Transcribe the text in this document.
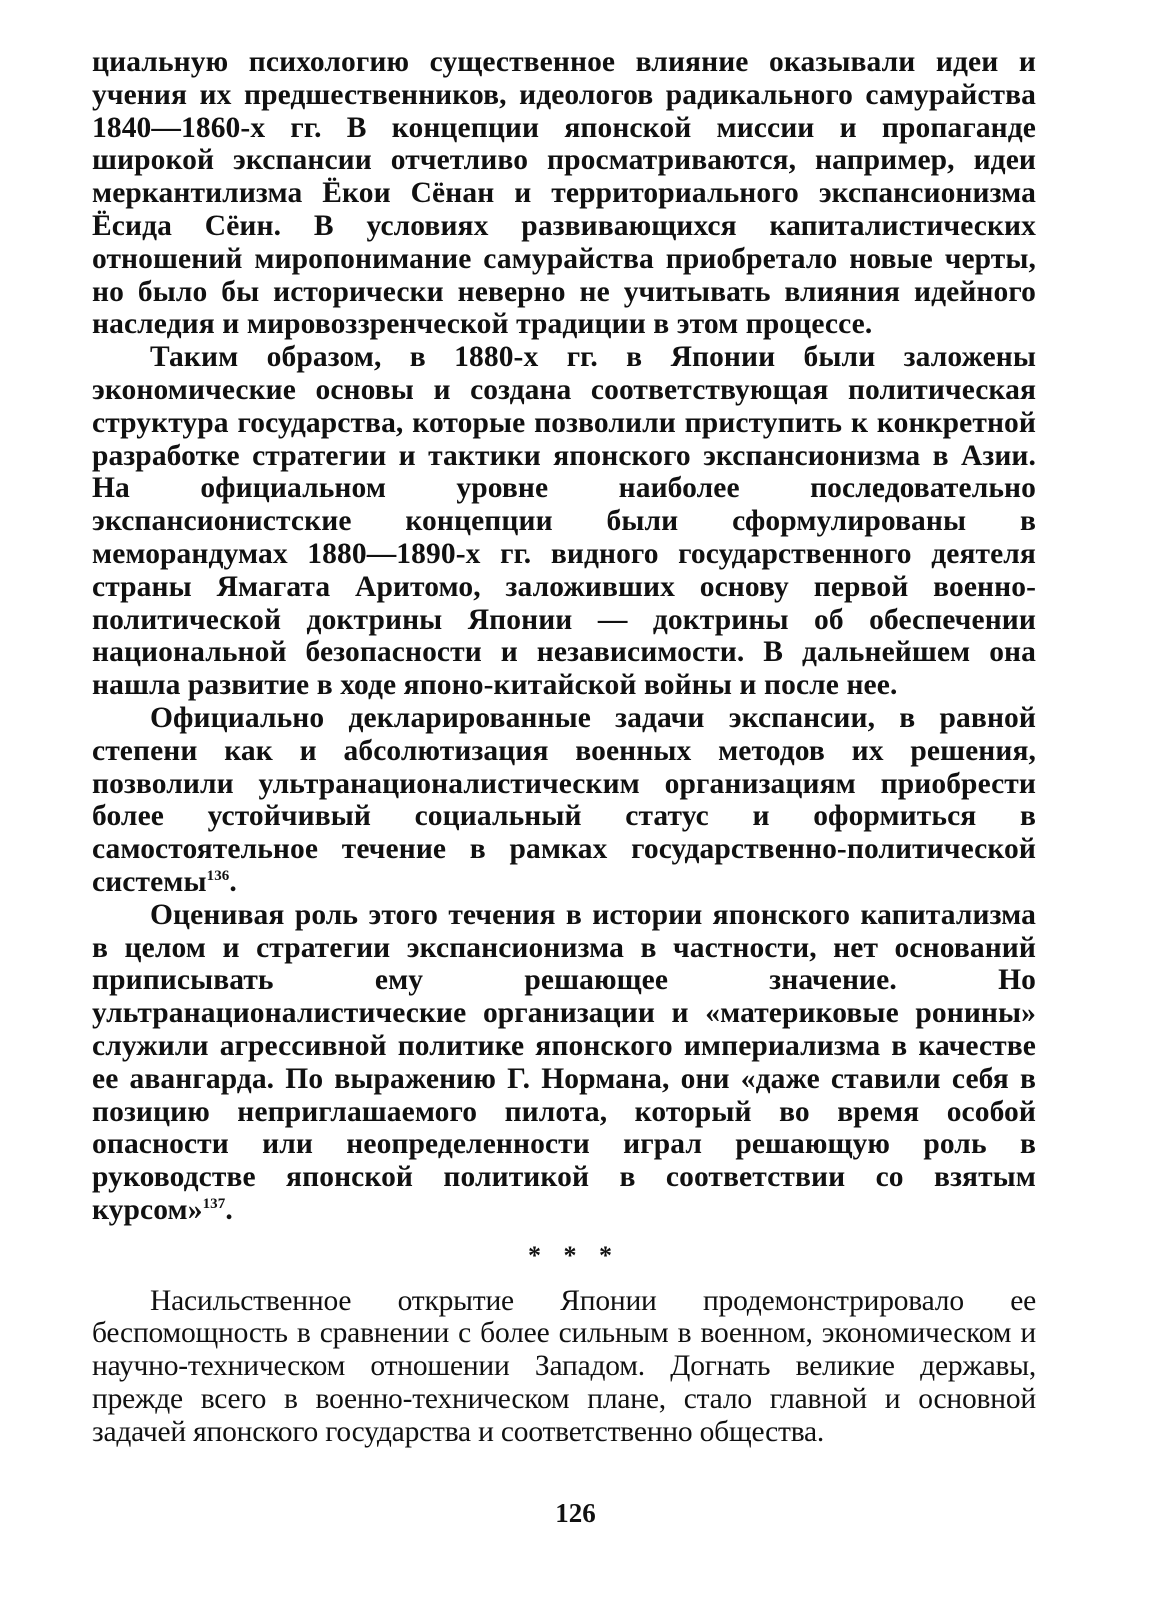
циальную психологию существенное влияние оказывали идеи и учения их предшественников, идеологов радикального самурайства 1840—1860-х гг. В концепции японской миссии и пропаганде широкой экспансии отчетливо просматриваются, например, идеи меркантилизма Ёкои Сёнан и территориального экспансионизма Ёсида Сёин. В условиях развивающихся капиталистических отношений миропонимание самурайства приобретало новые черты, но было бы исторически неверно не учитывать влияния идейного наследия и мировоззренческой традиции в этом процессе.

Таким образом, в 1880-х гг. в Японии были заложены экономические основы и создана соответствующая политическая структура государства, которые позволили приступить к конкретной разработке стратегии и тактики японского экспансионизма в Азии. На официальном уровне наиболее последовательно экспансионистские концепции были сформулированы в меморандумах 1880—1890-х гг. видного государственного деятеля страны Ямагата Аритомо, заложивших основу первой военно-политической доктрины Японии — доктрины об обеспечении национальной безопасности и независимости. В дальнейшем она нашла развитие в ходе японо-китайской войны и после нее.

Официально декларированные задачи экспансии, в равной степени как и абсолютизация военных методов их решения, позволили ультранационалистическим организациям приобрести более устойчивый социальный статус и оформиться в самостоятельное течение в рамках государственно-политической системы$^{136}$.

Оценивая роль этого течения в истории японского капитализма в целом и стратегии экспансионизма в частности, нет оснований приписывать ему решающее значение. Но ультранационалистические организации и «материковые ронины» служили агрессивной политике японского империализма в качестве ее авангарда. По выражению Г. Нормана, они «даже ставили себя в позицию неприглашаемого пилота, который во время особой опасности или неопределенности играл решающую роль в руководстве японской политикой в соответствии со взятым курсом»$^{137}$.

* * *

Насильственное открытие Японии продемонстрировало ее беспомощность в сравнении с более сильным в военном, экономическом и научно-техническом отношении Западом. Догнать великие державы, прежде всего в военно-техническом плане, стало главной и основной задачей японского государства и соответственно общества.

126
